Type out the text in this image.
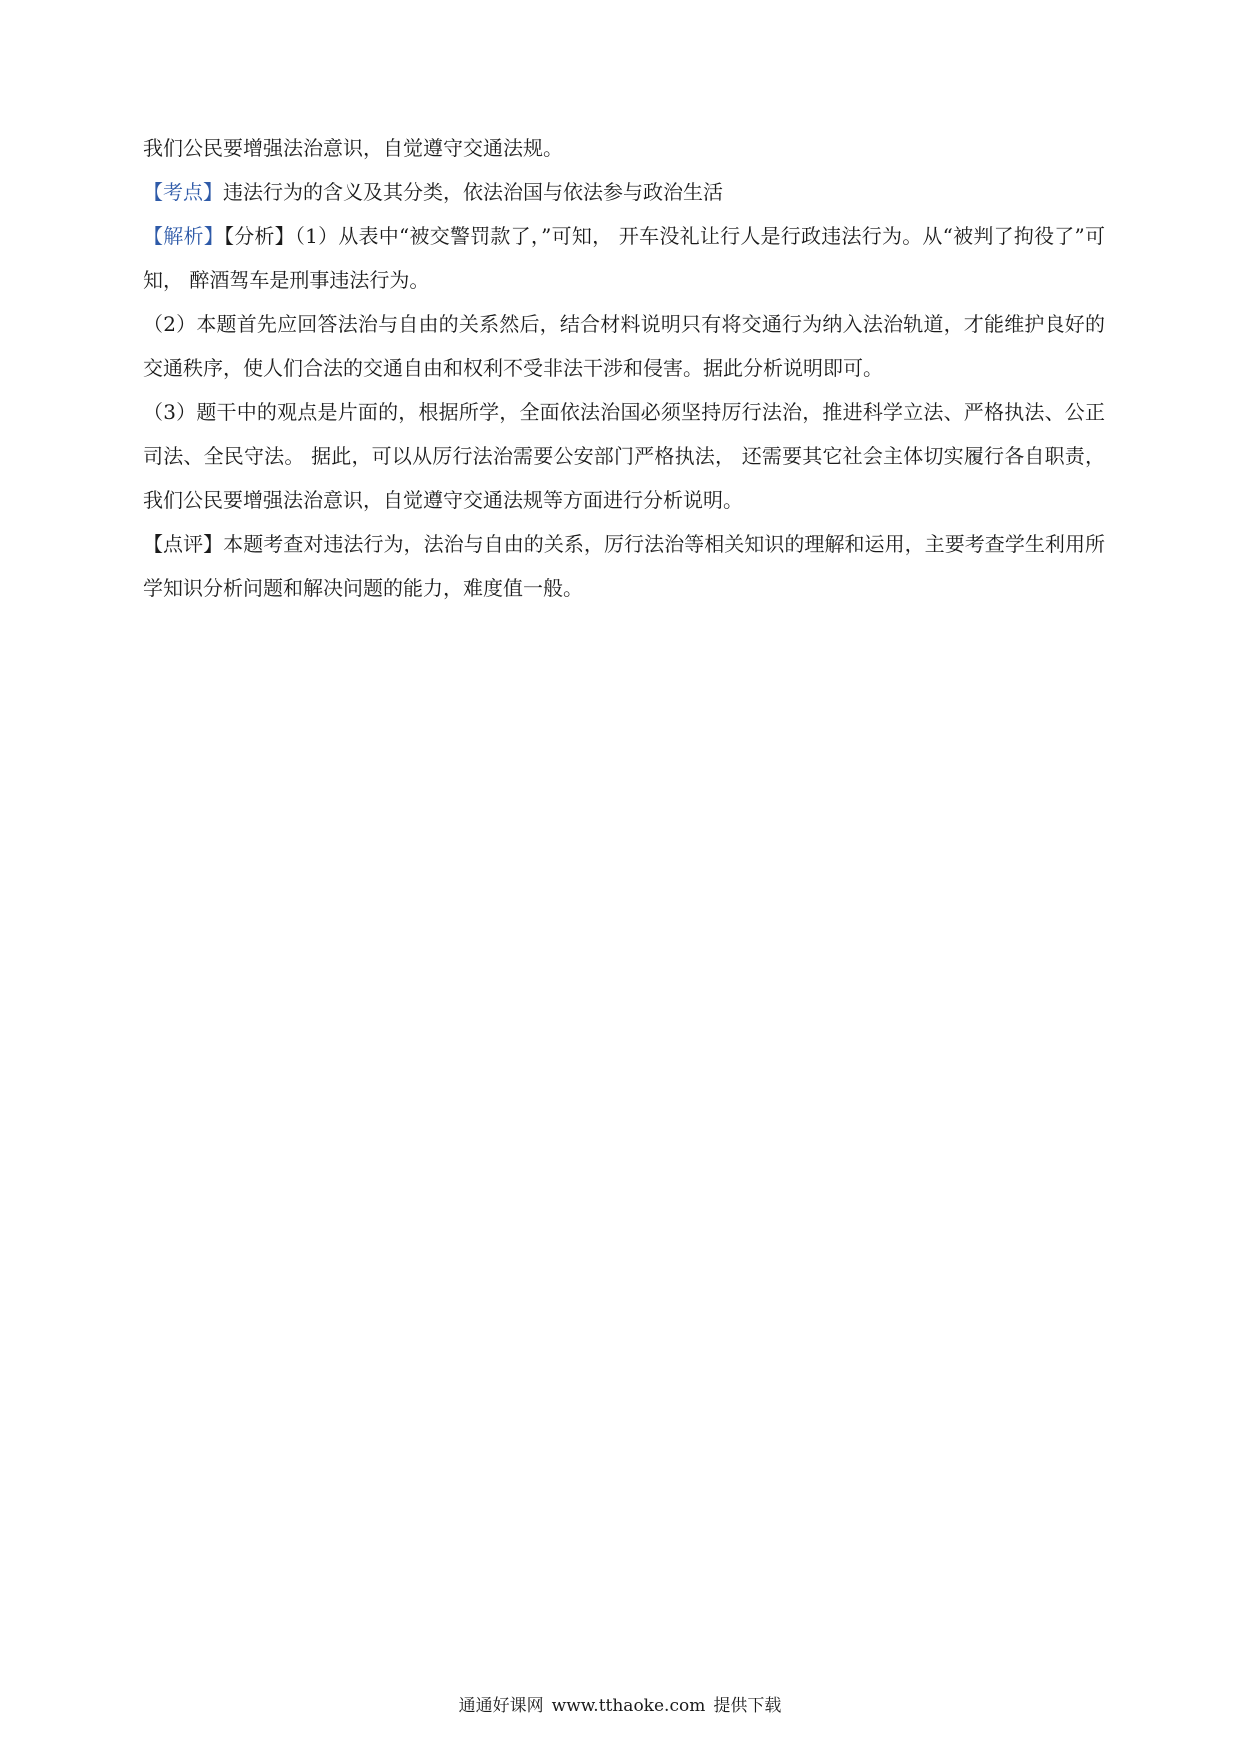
我们公民要增强法治意识，自觉遵守交通法规。

【考点】违法行为的含义及其分类，依法治国与依法参与政治生活

【解析】【分析】（1）从表中“被交警罚款了，”可知， 开车没礼让行人是行政违法行为。从“被判了拘役了”可知， 醉酒驾车是刑事违法行为。

（2）本题首先应回答法治与自由的关系然后，结合材料说明只有将交通行为纳入法治轨道，才能维护良好的交通秩序，使人们合法的交通自由和权利不受非法干涉和侵害。据此分析说明即可。

（3）题干中的观点是片面的，根据所学，全面依法治国必须坚持厉行法治，推进科学立法、严格执法、公正司法、全民守法。 据此，可以从厉行法治需要公安部门严格执法， 还需要其它社会主体切实履行各自职责， 我们公民要增强法治意识，自觉遵守交通法规等方面进行分析说明。

【点评】本题考查对违法行为，法治与自由的关系，厉行法治等相关知识的理解和运用，主要考查学生利用所学知识分析问题和解决问题的能力，难度值一般。

通通好课网 www.tthaoke.com 提供下载
